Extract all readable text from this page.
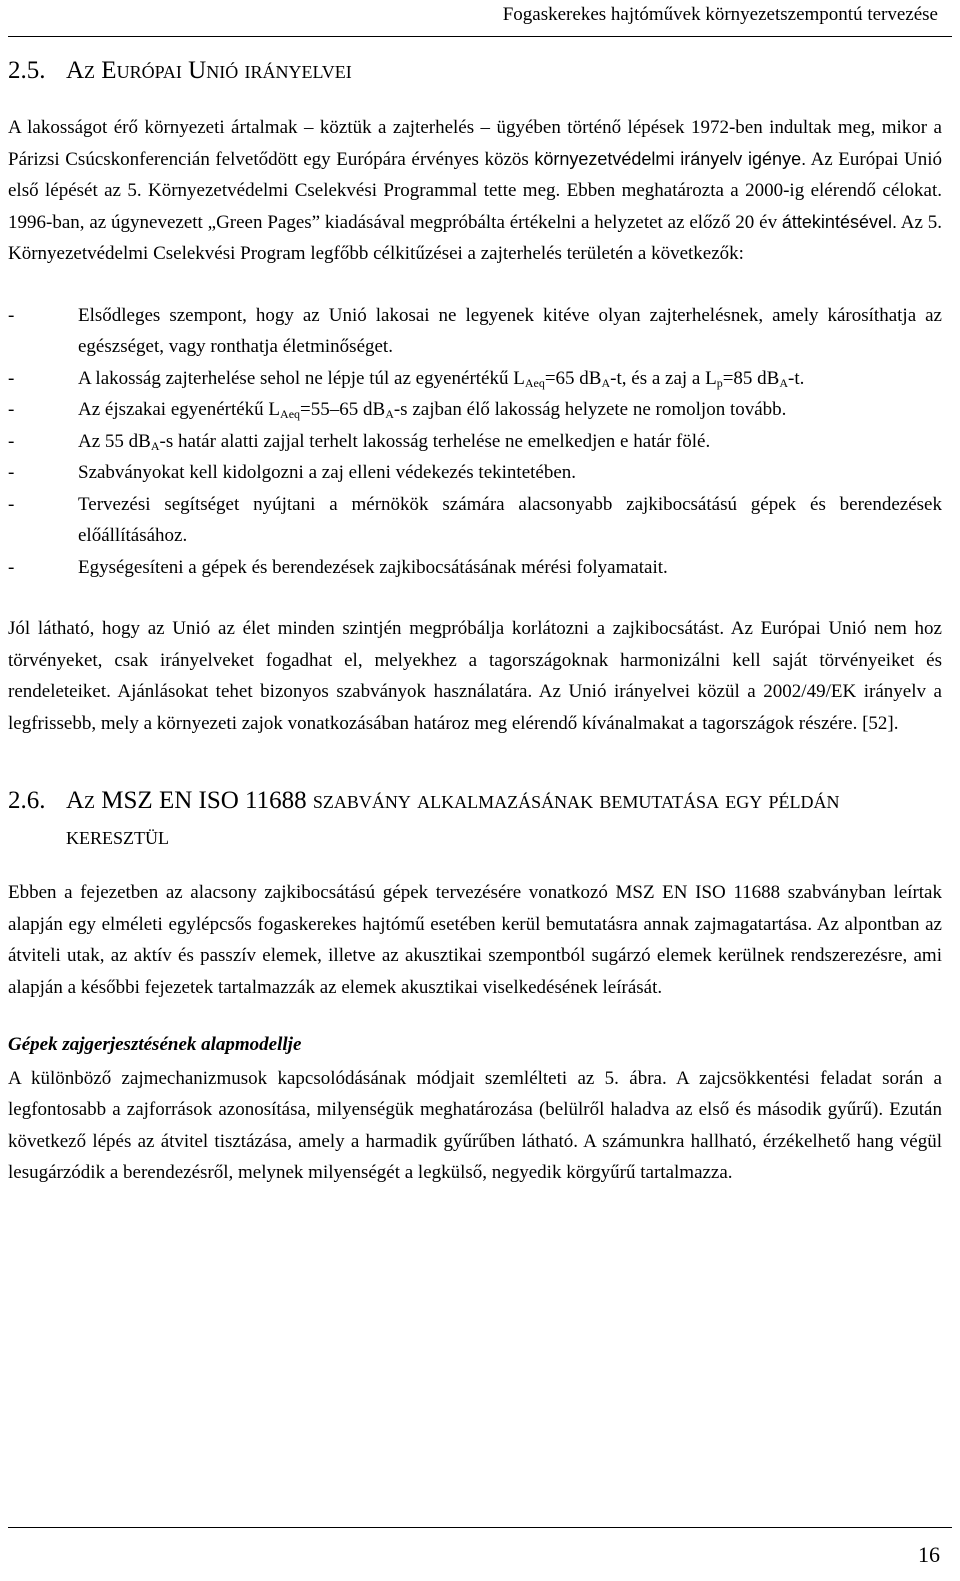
Fogaskerekes hajtóművek környezetszempontú tervezése
2.5. Az Európai Unió irányelvei

A lakosságot érő környezeti ártalmak ‒ köztük a zajterhelés ‒ ügyében történő lépések 1972-ben indultak meg, mikor a Párizsi Csúcskonferencián felvetődött egy Európára érvényes közös környezetvédelmi irányelv igénye. Az Európai Unió első lépését az 5. Környezetvédelmi Cselekvési Programmal tette meg. Ebben meghatározta a 2000-ig elérendő célokat. 1996-ban, az úgynevezett „Green Pages” kiadásával megpróbálta értékelni a helyzetet az előző 20 év áttekintésével. Az 5. Környezetvédelmi Cselekvési Program legfőbb célkitűzései a zajterhelés területén a következők:

-	Elsődleges szempont, hogy az Unió lakosai ne legyenek kitéve olyan zajterhelésnek, amely károsíthatja az egészséget, vagy ronthatja életminőséget.
-	A lakosság zajterhelése sehol ne lépje túl az egyenértékű $L_{Aeq}=65$ $dB_A-t$, és a zaj a $L_p=85$ $dB_A-t$.
-	Az éjszakai egyenértékű $L_{Aeq}=55‒65$ $dB_A-s$ zajban élő lakosság helyzete ne romoljon tovább.
-	Az 55 $dB_A-s$ határ alatti zajjal terhelt lakosság terhelése ne emelkedjen e határ fölé.
-	Szabványokat kell kidolgozni a zaj elleni védekezés tekintetében.
-	Tervezési segítséget nyújtani a mérnökök számára alacsonyabb zajkibocsátású gépek és berendezések előállításához.
-	Egységesíteni a gépek és berendezések zajkibocsátásának mérési folyamatait.

Jól látható, hogy az Unió az élet minden szintjén megpróbálja korlátozni a zajkibocsátást. Az Európai Unió nem hoz törvényeket, csak irányelveket fogadhat el, melyekhez a tagországoknak harmonizálni kell saját törvényeiket és rendeleteiket. Ajánlásokat tehet bizonyos szabványok használatára. Az Unió irányelvei közül a 2002/49/EK irányelv a legfrissebb, mely a környezeti zajok vonatkozásában határoz meg elérendő kívánalmakat a tagországok részére. [52].

2.6. Az MSZ EN ISO 11688 szabvány alkalmazásának bemutatása egy példán keresztül

Ebben a fejezetben az alacsony zajkibocsátású gépek tervezésére vonatkozó MSZ EN ISO 11688 szabványban leírtak alapján egy elméleti egylépcsős fogaskerekes hajtómű esetében kerül bemutatásra annak zajmagatartása. Az alpontban az átviteli utak, az aktív és passzív elemek, illetve az akusztikai szempontból sugárzó elemek kerülnek rendszerezésre, ami alapján a későbbi fejezetek tartalmazzák az elemek akusztikai viselkedésének leírását.

Gépek zajgerjesztésének alapmodellje

A különböző zajmechanizmusok kapcsolódásának módjait szemlélteti az 5. ábra. A zajcsökkentési feladat során a legfontosabb a zajforrások azonosítása, milyenségük meghatározása (belülről haladva az első és második gyűrű). Ezután következő lépés az átvitel tisztázása, amely a harmadik gyűrűben látható. A számunkra hallható, érzékelhető hang végül lesugárzódik a berendezésről, melynek milyenségét a legkülső, negyedik körgyűrű tartalmazza.

16
